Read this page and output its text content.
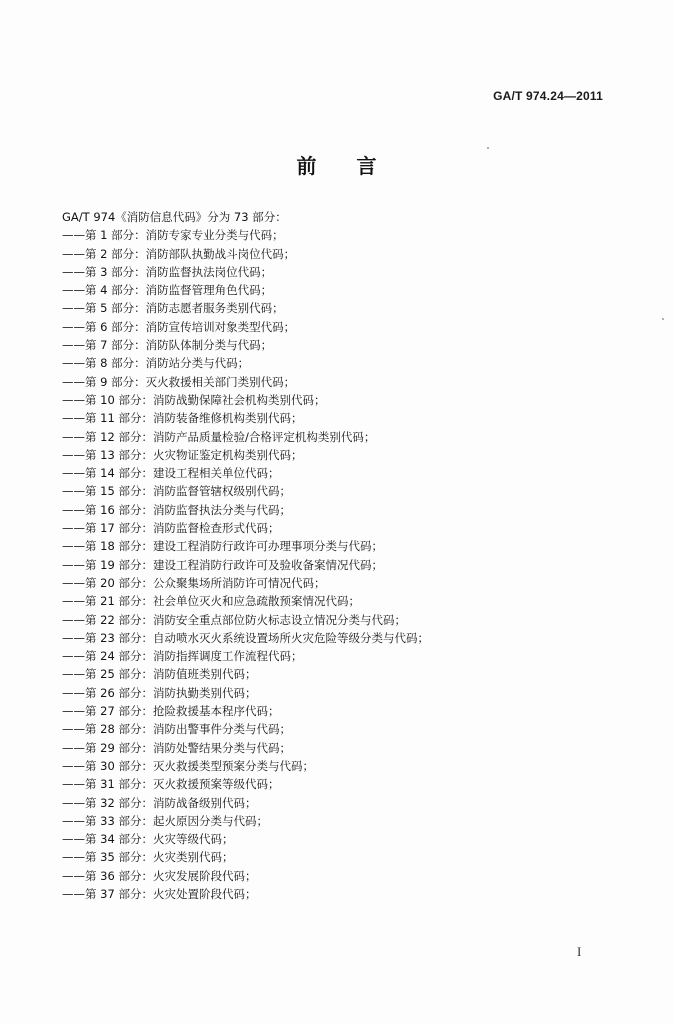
GA/T 974.24—2011
前言
GA/T 974《消防信息代码》分为 73 部分：
——第 1 部分：消防专家专业分类与代码；
——第 2 部分：消防部队执勤战斗岗位代码；
——第 3 部分：消防监督执法岗位代码；
——第 4 部分：消防监督管理角色代码；
——第 5 部分：消防志愿者服务类别代码；
——第 6 部分：消防宣传培训对象类型代码；
——第 7 部分：消防队体制分类与代码；
——第 8 部分：消防站分类与代码；
——第 9 部分：灭火救援相关部门类别代码；
——第 10 部分：消防战勤保障社会机构类别代码；
——第 11 部分：消防装备维修机构类别代码；
——第 12 部分：消防产品质量检验/合格评定机构类别代码；
——第 13 部分：火灾物证鉴定机构类别代码；
——第 14 部分：建设工程相关单位代码；
——第 15 部分：消防监督管辖权级别代码；
——第 16 部分：消防监督执法分类与代码；
——第 17 部分：消防监督检查形式代码；
——第 18 部分：建设工程消防行政许可办理事项分类与代码；
——第 19 部分：建设工程消防行政许可及验收备案情况代码；
——第 20 部分：公众聚集场所消防许可情况代码；
——第 21 部分：社会单位灭火和应急疏散预案情况代码；
——第 22 部分：消防安全重点部位防火标志设立情况分类与代码；
——第 23 部分：自动喷水灭火系统设置场所火灾危险等级分类与代码；
——第 24 部分：消防指挥调度工作流程代码；
——第 25 部分：消防值班类别代码；
——第 26 部分：消防执勤类别代码；
——第 27 部分：抢险救援基本程序代码；
——第 28 部分：消防出警事件分类与代码；
——第 29 部分：消防处警结果分类与代码；
——第 30 部分：灭火救援类型预案分类与代码；
——第 31 部分：灭火救援预案等级代码；
——第 32 部分：消防战备级别代码；
——第 33 部分：起火原因分类与代码；
——第 34 部分：火灾等级代码；
——第 35 部分：火灾类别代码；
——第 36 部分：火灾发展阶段代码；
——第 37 部分：火灾处置阶段代码；
I
